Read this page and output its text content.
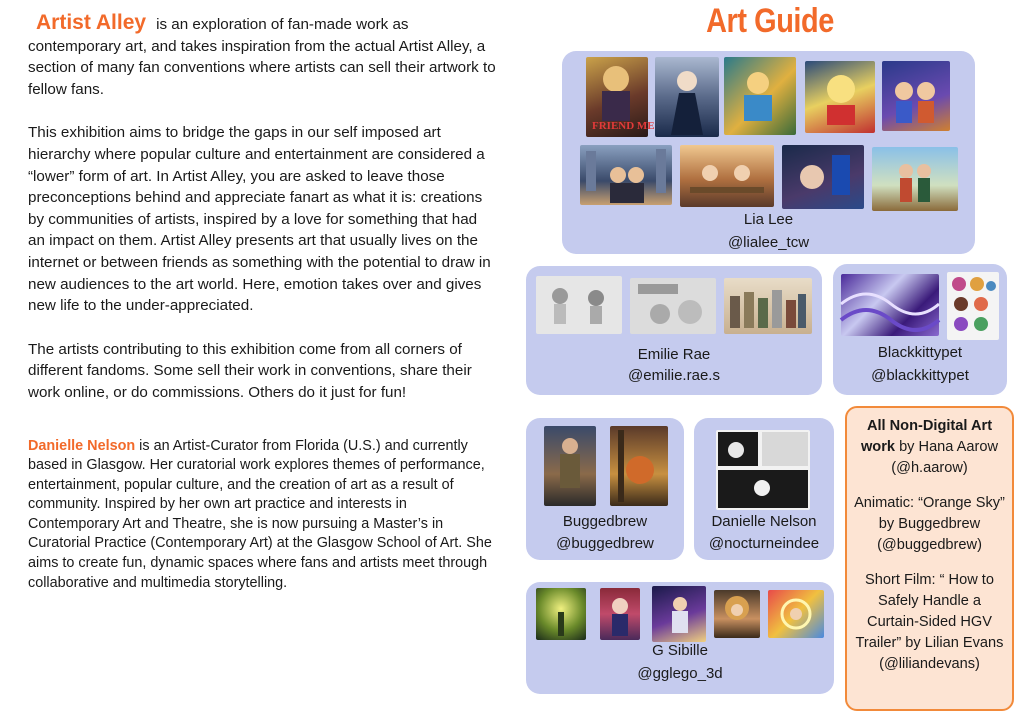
Artist Alley is an exploration of fan-made work as contemporary art, and takes inspiration from the actual Artist Alley, a section of many fan conventions where artists can sell their artwork to fellow fans.

This exhibition aims to bridge the gaps in our self imposed art hierarchy where popular culture and entertainment are considered a “lower” form of art. In Artist Alley, you are asked to leave those preconceptions behind and appreciate fanart as what it is: creations by communities of artists, inspired by a love for something that had an impact on them. Artist Alley presents art that usually lives on the internet or between friends as something with the potential to draw in new audiences to the art world. Here, emotion takes over and gives new life to the under-appreciated.

The artists contributing to this exhibition come from all corners of different fandoms. Some sell their work in conventions, share their work online, or do commissions. Others do it just for fun!

Danielle Nelson is an Artist-Curator from Florida (U.S.) and currently based in Glasgow. Her curatorial work explores themes of performance, entertainment, popular culture, and the creation of art as a result of community. Inspired by her own art practice and interests in Contemporary Art and Theatre, she is now pursuing a Master’s in Curatorial Practice (Contemporary Art) at the Glasgow School of Art. She aims to create fun, dynamic spaces where fans and artists meet through collaborative and multimedia storytelling.

Art Guide
FRIEND ME
Lia Lee
@lialee_tcw
Emilie Rae
@emilie.rae.s
Blackkittypet
@blackkittypet
Buggedbrew
@buggedbrew
Danielle Nelson
@nocturneindee
G Sibille
@gglego_3d

All Non-Digital Art work by Hana Aarow (@h.aarow)

Animatic: “Orange Sky” by Buggedbrew (@buggedbrew)

Short Film: “ How to Safely Handle a Curtain-Sided HGV Trailer” by Lilian Evans (@liliandevans)
